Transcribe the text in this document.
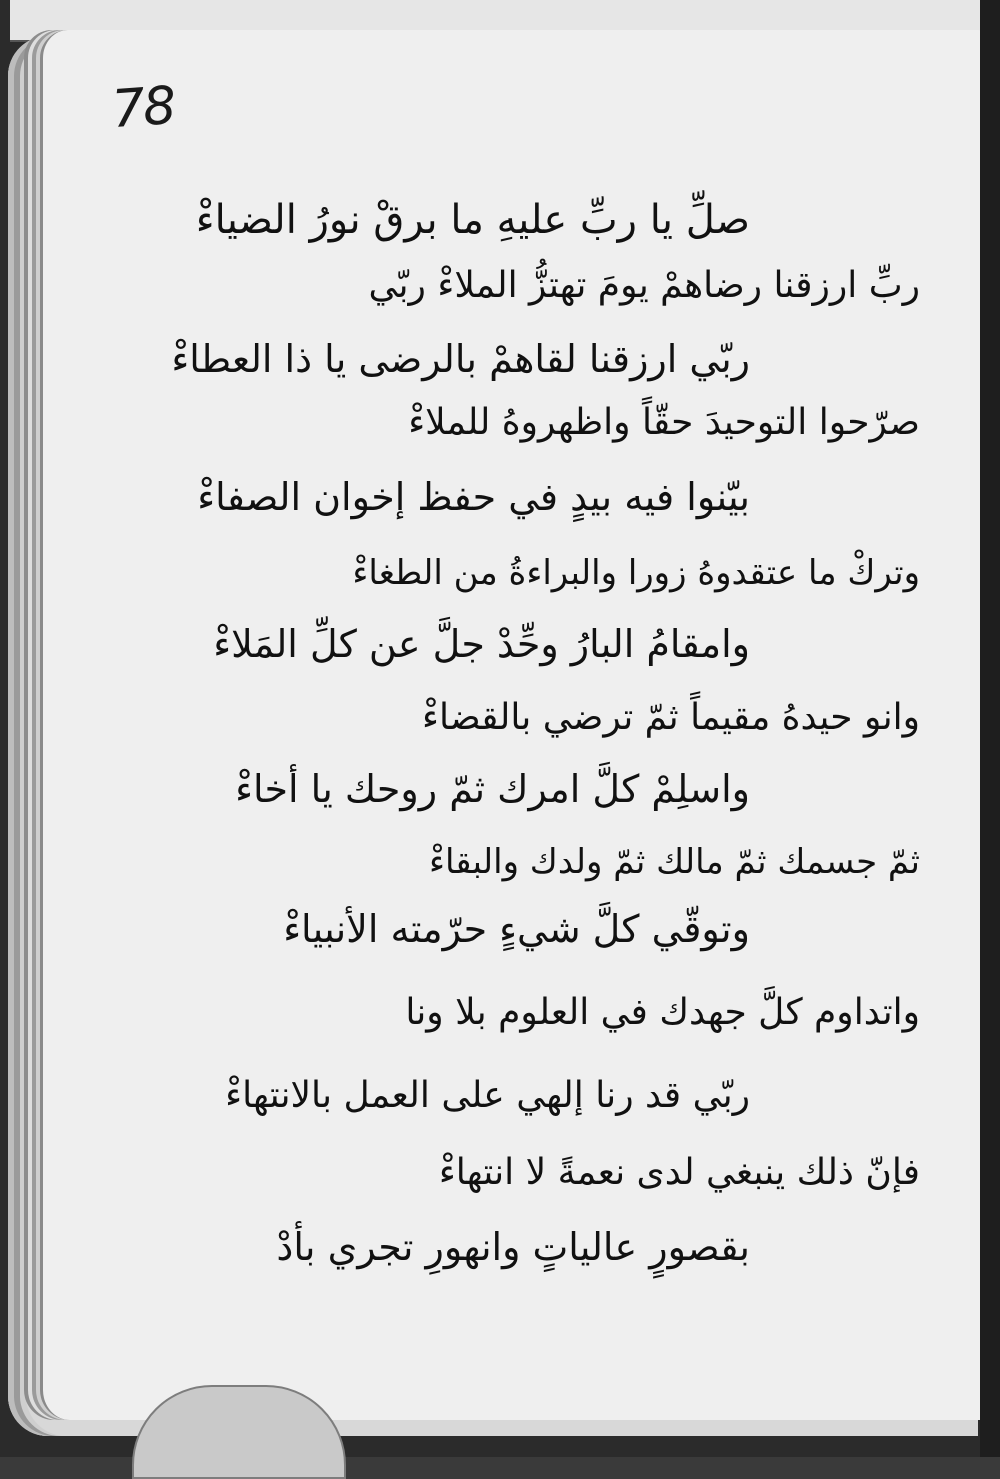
78
صلِّ يا ربِّ عليهِ ما برقْ نورُ الضياءْ
ربِّ ارزقنا رضاهمْ يومَ تهتزُّ الملاءْ ربّي
ربّي ارزقنا لقاهمْ بالرضى يا ذا العطاءْ
صرّحوا التوحيدَ حقّاً واظهروهُ للملاءْ
بيّنوا فيه بيدٍ في حفظ إخوان الصفاءْ
وتركْ ما عتقدوهُ زورا والبراءةُ من الطغاءْ
وامقامُ البارُ وحِّدْ جلَّ عن كلِّ المَلاءْ
وانو حيدهُ مقيماً ثمّ ترضي بالقضاءْ
واسلِمْ كلَّ امرك ثمّ روحك يا أخاءْ
ثمّ جسمك ثمّ مالك ثمّ ولدك والبقاءْ
وتوقّي كلَّ شيءٍ حرّمته الأنبياءْ
واتداوم كلَّ جهدك في العلوم بلا ونا
ربّي قد رنا إلهي على العمل بالانتهاءْ
فإنّ ذلك ينبغي لدى نعمةً لا انتهاءْ
بقصورٍ عالياتٍ وانهورِ تجري بأدْ
